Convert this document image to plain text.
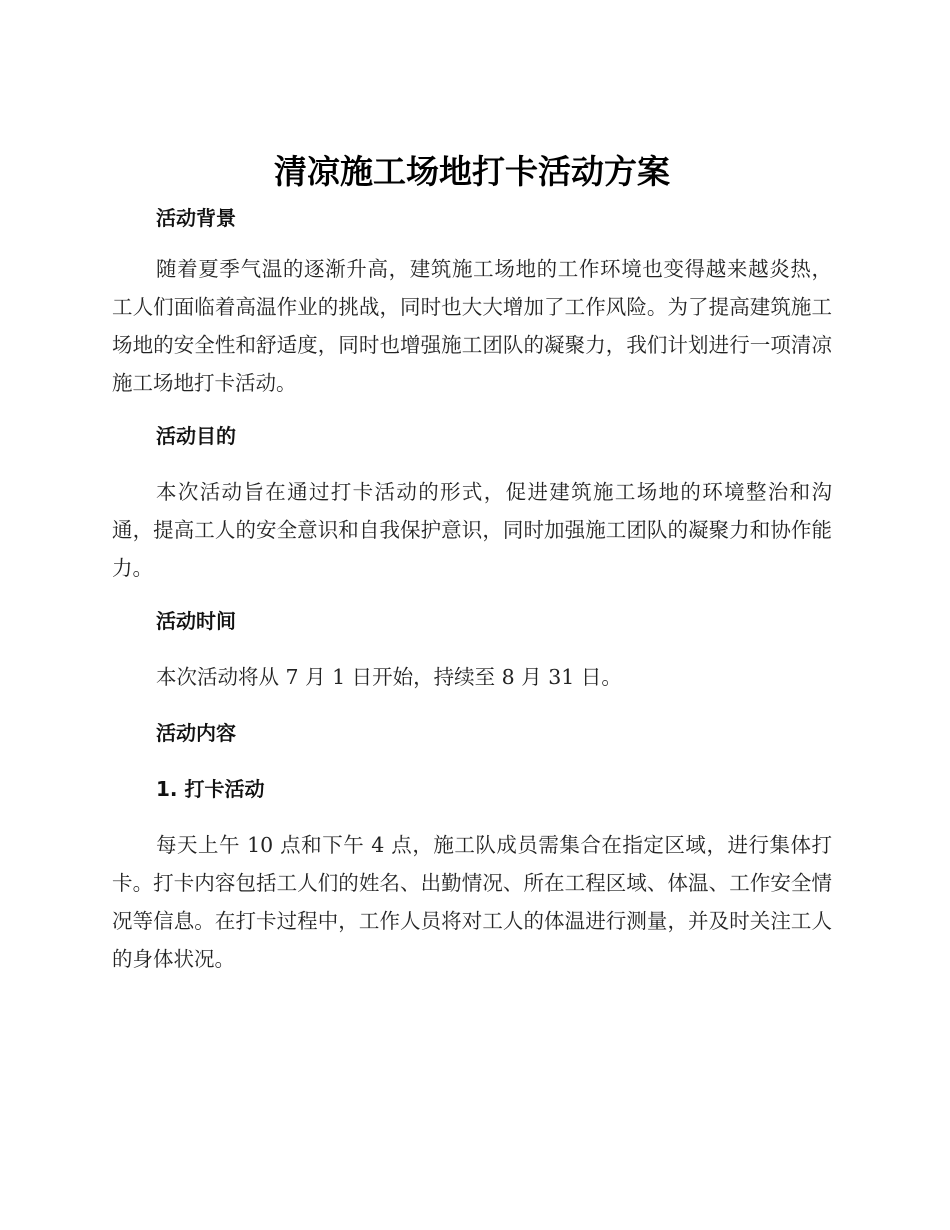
清凉施工场地打卡活动方案
活动背景

随着夏季气温的逐渐升高，建筑施工场地的工作环境也变得越来越炎热，工人们面临着高温作业的挑战，同时也大大增加了工作风险。为了提高建筑施工场地的安全性和舒适度，同时也增强施工团队的凝聚力，我们计划进行一项清凉施工场地打卡活动。

活动目的

本次活动旨在通过打卡活动的形式，促进建筑施工场地的环境整治和沟通，提高工人的安全意识和自我保护意识，同时加强施工团队的凝聚力和协作能力。

活动时间

本次活动将从 7 月 1 日开始，持续至 8 月 31 日。

活动内容
1. 打卡活动

每天上午 10 点和下午 4 点，施工队成员需集合在指定区域，进行集体打卡。打卡内容包括工人们的姓名、出勤情况、所在工程区域、体温、工作安全情况等信息。在打卡过程中，工作人员将对工人的体温进行测量，并及时关注工人的身体状况。
